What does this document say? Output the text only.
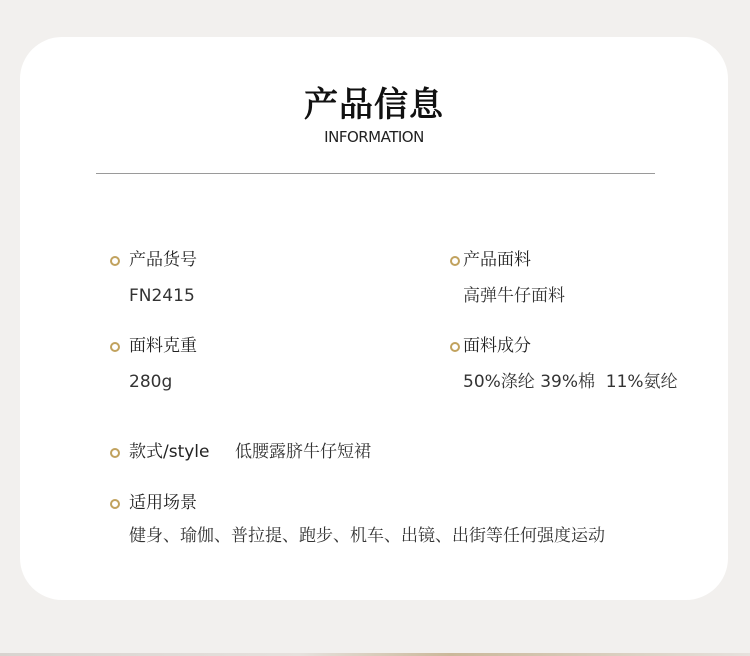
产品信息
INFORMATION
产品货号
FN2415
产品面料
高弹牛仔面料
面料克重
280g
面料成分
50%涤纶 39%棉  11%氨纶
款式/style 低腰露脐牛仔短裙
适用场景
健身、瑜伽、普拉提、跑步、机车、出镜、出街等任何强度运动
